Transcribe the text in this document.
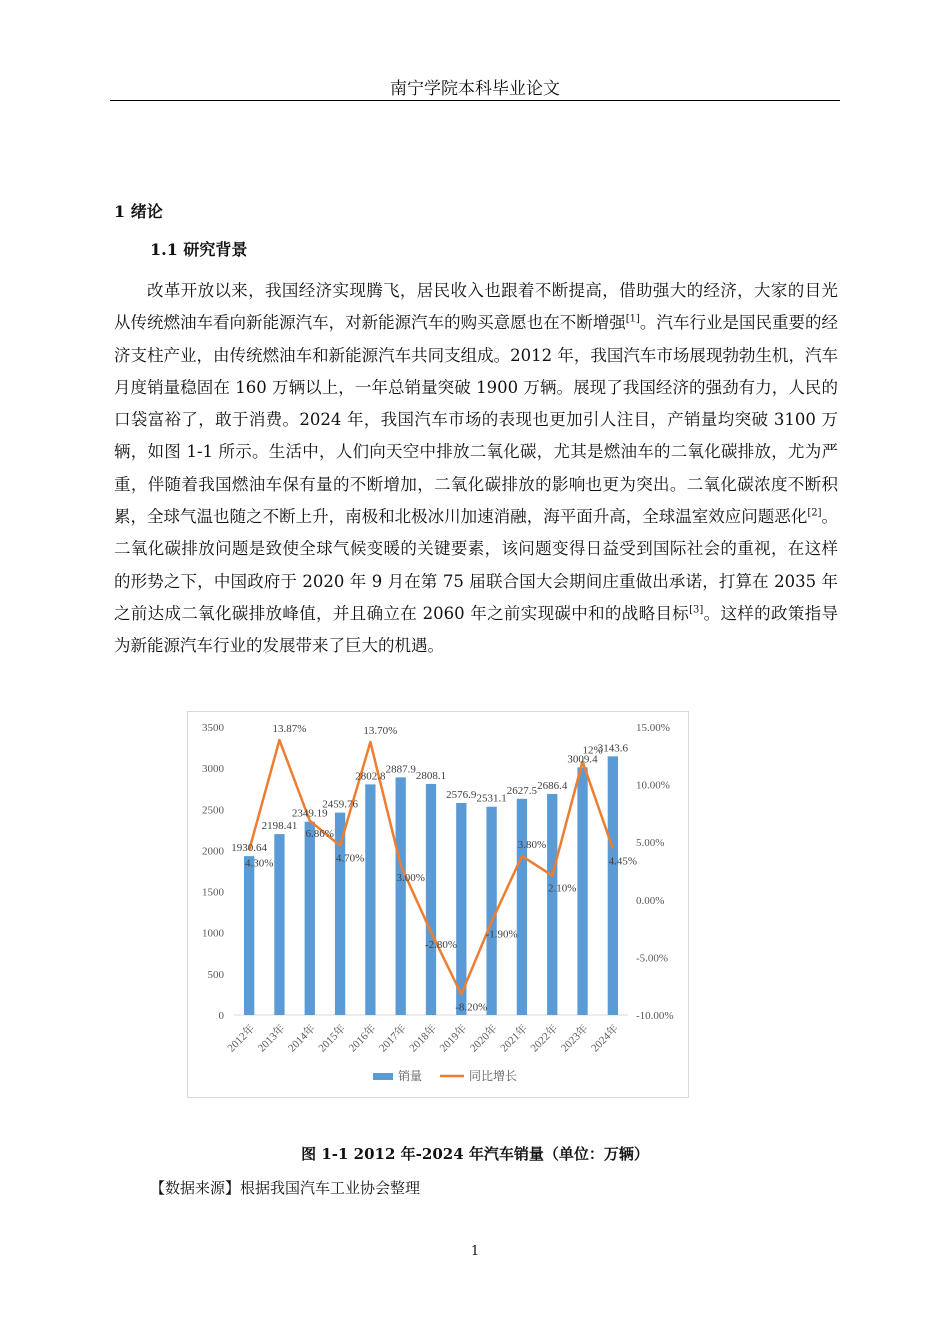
南宁学院本科毕业论文
1 绪论
1.1 研究背景

改革开放以来，我国经济实现腾飞，居民收入也跟着不断提高，借助强大的经济，大家的目光从传统燃油车看向新能源汽车，对新能源汽车的购买意愿也在不断增强[1]。汽车行业是国民重要的经济支柱产业，由传统燃油车和新能源汽车共同支组成。2012 年，我国汽车市场展现勃勃生机，汽车月度销量稳固在 160 万辆以上，一年总销量突破 1900 万辆。展现了我国经济的强劲有力，人民的口袋富裕了，敢于消费。2024 年，我国汽车市场的表现也更加引人注目，产销量均突破 3100 万辆，如图 1-1 所示。生活中，人们向天空中排放二氧化碳，尤其是燃油车的二氧化碳排放，尤为严重，伴随着我国燃油车保有量的不断增加，二氧化碳排放的影响也更为突出。二氧化碳浓度不断积累，全球气温也随之不断上升，南极和北极冰川加速消融，海平面升高，全球温室效应问题恶化[2]。二氧化碳排放问题是致使全球气候变暖的关键要素，该问题变得日益受到国际社会的重视，在这样的形势之下，中国政府于 2020 年 9 月在第 75 届联合国大会期间庄重做出承诺，打算在 2035 年之前达成二氧化碳排放峰值，并且确立在 2060 年之前实现碳中和的战略目标[3]。这样的政策指导为新能源汽车行业的发展带来了巨大的机遇。

0
500
1000
1500
2000
2500
3000
3500
-10.00%
-5.00%
0.00%
5.00%
10.00%
15.00%
1930.64
2198.41
2349.19
2459.76
2802.8
2887.9
2808.1
2576.9 2531.1
2627.5 2686.4
3009.4
3143.6
4.30%
13.87%
6.86%
4.70%
13.70%
3.00%
-2.80%
-8.20%
-1.90%
3.80%
2.10%
12%
4.45%
2012年
2013年
2014年
2015年
2016年
2017年
2018年
2019年
2020年
2021年
2022年
2023年
2024年
销量	同比增长
图 1-1 2012 年-2024 年汽车销量（单位：万辆）
【数据来源】根据我国汽车工业协会整理
1
